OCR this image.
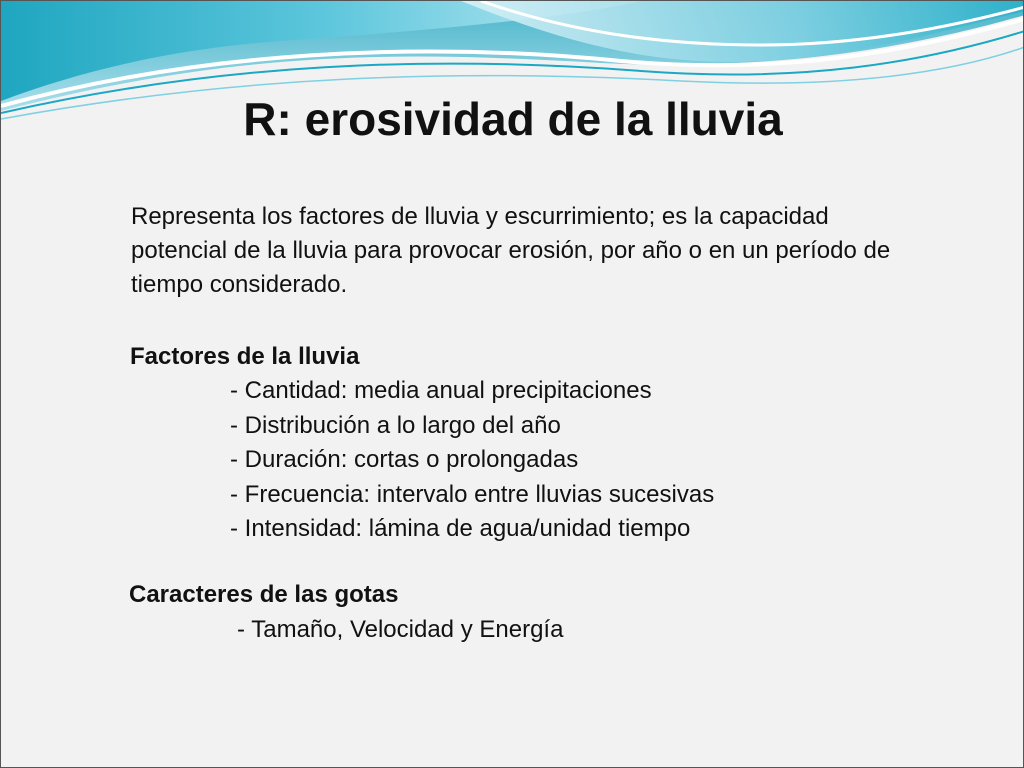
R: erosividad de la lluvia

Representa los factores de lluvia y escurrimiento; es la capacidad potencial de la lluvia para provocar erosión, por año o en un período de tiempo considerado.

Factores de la lluvia

- Cantidad: media anual precipitaciones
- Distribución a lo largo del año
- Duración: cortas o prolongadas
- Frecuencia: intervalo entre lluvias sucesivas
- Intensidad: lámina de agua/unidad tiempo

Caracteres de las gotas

- Tamaño, Velocidad y Energía
